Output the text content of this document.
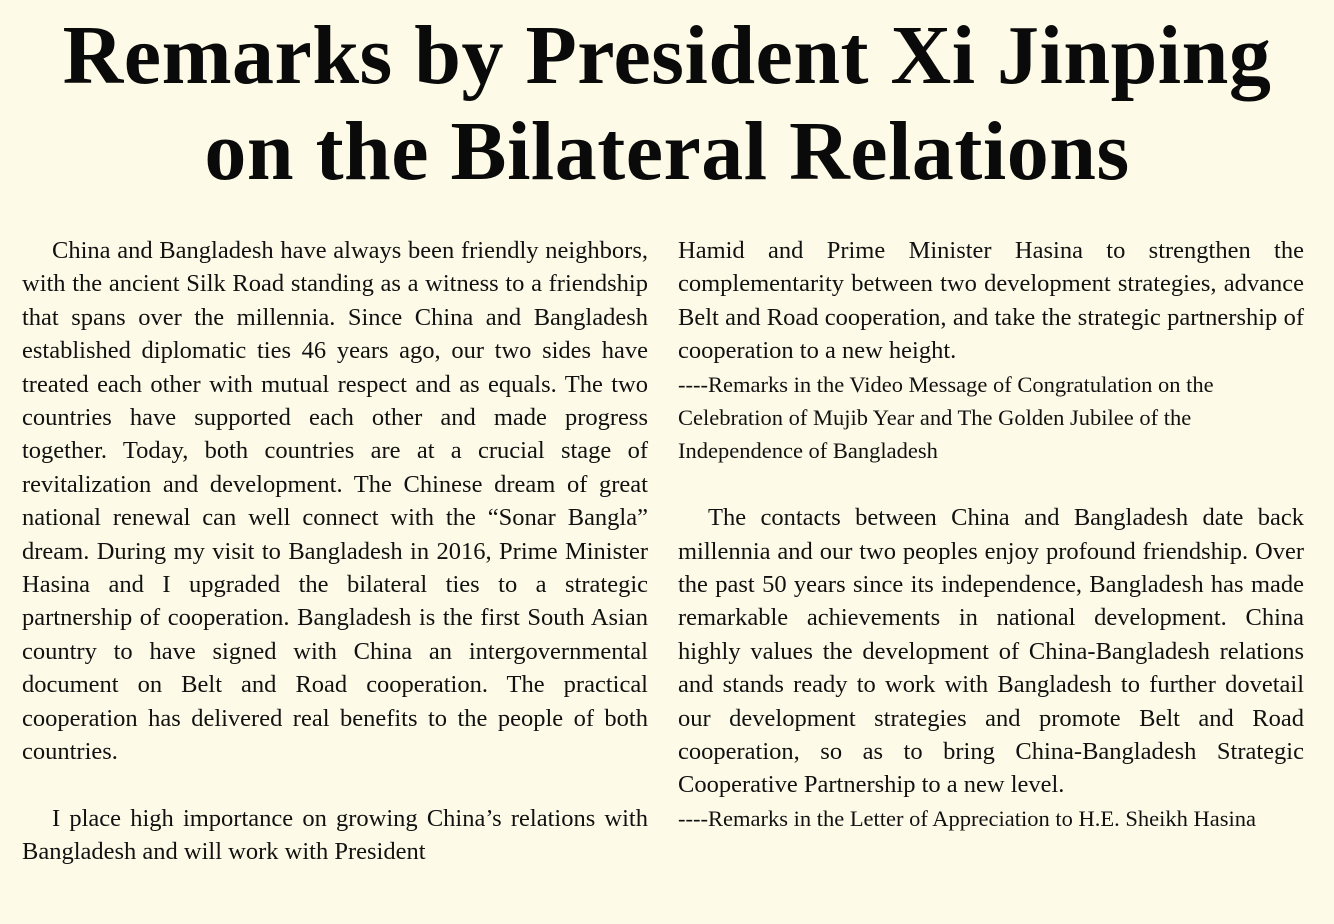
Remarks by President Xi Jinping
on the Bilateral Relations

China and Bangladesh have always been friendly neighbors, with the ancient Silk Road standing as a witness to a friendship that spans over the millennia. Since China and Bangladesh established diplomatic ties 46 years ago, our two sides have treated each other with mutual respect and as equals. The two countries have supported each other and made progress together. Today, both countries are at a crucial stage of revitalization and development. The Chinese dream of great national renewal can well connect with the “Sonar Bangla” dream. During my visit to Bangladesh in 2016, Prime Minister Hasina and I upgraded the bilateral ties to a strategic partnership of cooperation. Bangladesh is the first South Asian country to have signed with China an intergovernmental document on Belt and Road cooperation. The practical cooperation has delivered real benefits to the people of both countries.

I place high importance on growing China’s relations with Bangladesh and will work with President

Hamid and Prime Minister Hasina to strengthen the complementarity between two development strategies, advance Belt and Road cooperation, and take the strategic partnership of cooperation to a new height.

----Remarks in the Video Message of Congratulation on the Celebration of Mujib Year and The Golden Jubilee of the Independence of Bangladesh

The contacts between China and Bangladesh date back millennia and our two peoples enjoy profound friendship. Over the past 50 years since its independence, Bangladesh has made remarkable achievements in national development. China highly values the development of China-Bangladesh relations and stands ready to work with Bangladesh to further dovetail our development strategies and promote Belt and Road cooperation, so as to bring China-Bangladesh Strategic Cooperative Partnership to a new level.

----Remarks in the Letter of Appreciation to H.E. Sheikh Hasina
